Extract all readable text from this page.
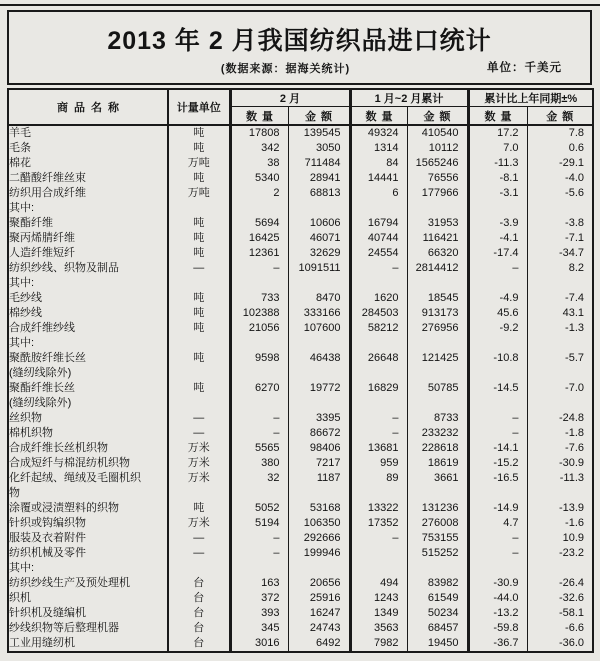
2013 年 2 月我国纺织品进口统计
(数据来源：据海关统计)	单位：千美元
商品名称	计量单位	2 月		1 月~2 月累计		累计比上年同期±%	
		数量	金额	数量	金额	数量	金额
羊毛	吨	17808	139545	49324	410540	17.2	7.8
毛条	吨	342	3050	1314	10112	7.0	0.6
棉花	万吨	38	711484	84	1565246	-11.3	-29.1
二醋酸纤维丝束	吨	5340	28941	14441	76556	-8.1	-4.0
纺织用合成纤维	万吨	2	68813	6	177966	-3.1	-5.6
其中:							
聚酯纤维	吨	5694	10606	16794	31953	-3.9	-3.8
聚丙烯腈纤维	吨	16425	46071	40744	116421	-4.1	-7.1
人造纤维短纤	吨	12361	32629	24554	66320	-17.4	-34.7
纺织纱线、织物及制品	—	–	1091511	–	2814412	–	8.2
其中:							
毛纱线	吨	733	8470	1620	18545	-4.9	-7.4
棉纱线	吨	102388	333166	284503	913173	45.6	43.1
合成纤维纱线	吨	21056	107600	58212	276956	-9.2	-1.3
其中:							
聚酰胺纤维长丝	吨	9598	46438	26648	121425	-10.8	-5.7
(缝纫线除外)							
聚酯纤维长丝	吨	6270	19772	16829	50785	-14.5	-7.0
(缝纫线除外)							
丝织物	—	–	3395	–	8733	–	-24.8
棉机织物	—	–	86672	–	233232	–	-1.8
合成纤维长丝机织物	万米	5565	98406	13681	228618	-14.1	-7.6
合成短纤与棉混纺机织物	万米	380	7217	959	18619	-15.2	-30.9
化纤起绒、绳绒及毛圈机织	万米	32	1187	89	3661	-16.5	-11.3
物							
涂覆或浸渍塑料的织物	吨	5052	53168	13322	131236	-14.9	-13.9
针织或钩编织物	万米	5194	106350	17352	276008	4.7	-1.6
服装及衣着附件	—	–	292666	–	753155	–	10.9
纺织机械及零件	—	–	199946		515252	–	-23.2
其中:							
纺织纱线生产及预处理机	台	163	20656	494	83982	-30.9	-26.4
织机	台	372	25916	1243	61549	-44.0	-32.6
针织机及缝编机	台	393	16247	1349	50234	-13.2	-58.1
纱线织物等后整理机器	台	345	24743	3563	68457	-59.8	-6.6
工业用缝纫机	台	3016	6492	7982	19450	-36.7	-36.0
